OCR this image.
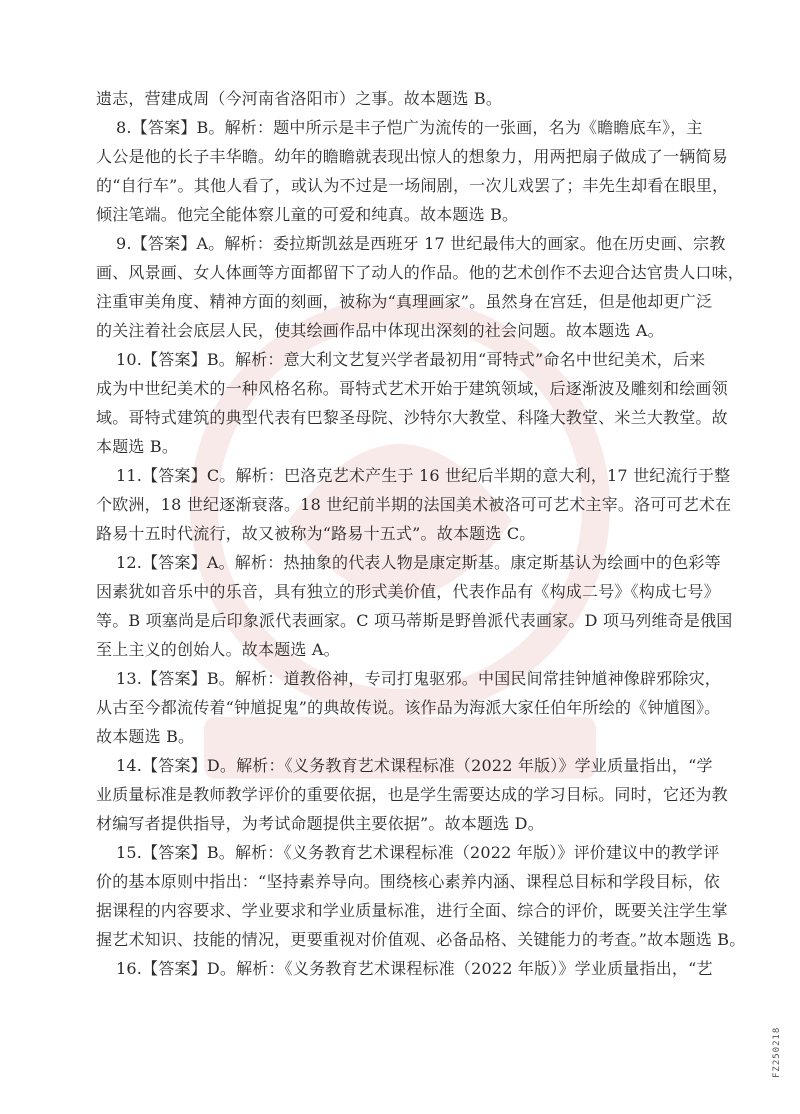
遗志，营建成周（今河南省洛阳市）之事。故本题选 B。

8.【答案】B。解析：题中所示是丰子恺广为流传的一张画，名为《瞻瞻底车》，主

人公是他的长子丰华瞻。幼年的瞻瞻就表现出惊人的想象力，用两把扇子做成了一辆简易

的“自行车”。其他人看了，或认为不过是一场闹剧，一次儿戏罢了；丰先生却看在眼里，

倾注笔端。他完全能体察儿童的可爱和纯真。故本题选 B。

9.【答案】A。解析：委拉斯凯兹是西班牙 17 世纪最伟大的画家。他在历史画、宗教

画、风景画、女人体画等方面都留下了动人的作品。他的艺术创作不去迎合达官贵人口味，

注重审美角度、精神方面的刻画，被称为“真理画家”。虽然身在宫廷，但是他却更广泛

的关注着社会底层人民，使其绘画作品中体现出深刻的社会问题。故本题选 A。

10.【答案】B。解析：意大利文艺复兴学者最初用“哥特式”命名中世纪美术，后来

成为中世纪美术的一种风格名称。哥特式艺术开始于建筑领域，后逐渐波及雕刻和绘画领

域。哥特式建筑的典型代表有巴黎圣母院、沙特尔大教堂、科隆大教堂、米兰大教堂。故

本题选 B。

11.【答案】C。解析：巴洛克艺术产生于 16 世纪后半期的意大利，17 世纪流行于整

个欧洲，18 世纪逐渐衰落。18 世纪前半期的法国美术被洛可可艺术主宰。洛可可艺术在

路易十五时代流行，故又被称为“路易十五式”。故本题选 C。

12.【答案】A。解析：热抽象的代表人物是康定斯基。康定斯基认为绘画中的色彩等

因素犹如音乐中的乐音，具有独立的形式美价值，代表作品有《构成二号》《构成七号》

等。B 项塞尚是后印象派代表画家。C 项马蒂斯是野兽派代表画家。D 项马列维奇是俄国

至上主义的创始人。故本题选 A。

13.【答案】B。解析：道教俗神，专司打鬼驱邪。中国民间常挂钟馗神像辟邪除灾，

从古至今都流传着“钟馗捉鬼”的典故传说。该作品为海派大家任伯年所绘的《钟馗图》。

故本题选 B。

14.【答案】D。解析：《义务教育艺术课程标准（2022 年版）》学业质量指出，“学

业质量标准是教师教学评价的重要依据，也是学生需要达成的学习目标。同时，它还为教

材编写者提供指导，为考试命题提供主要依据”。故本题选 D。

15.【答案】B。解析：《义务教育艺术课程标准（2022 年版）》评价建议中的教学评

价的基本原则中指出：“坚持素养导向。围绕核心素养内涵、课程总目标和学段目标，依

据课程的内容要求、学业要求和学业质量标准，进行全面、综合的评价，既要关注学生掌

握艺术知识、技能的情况，更要重视对价值观、必备品格、关键能力的考查。”故本题选 B。

16.【答案】D。解析：《义务教育艺术课程标准（2022 年版）》学业质量指出，“艺

FZ250218
